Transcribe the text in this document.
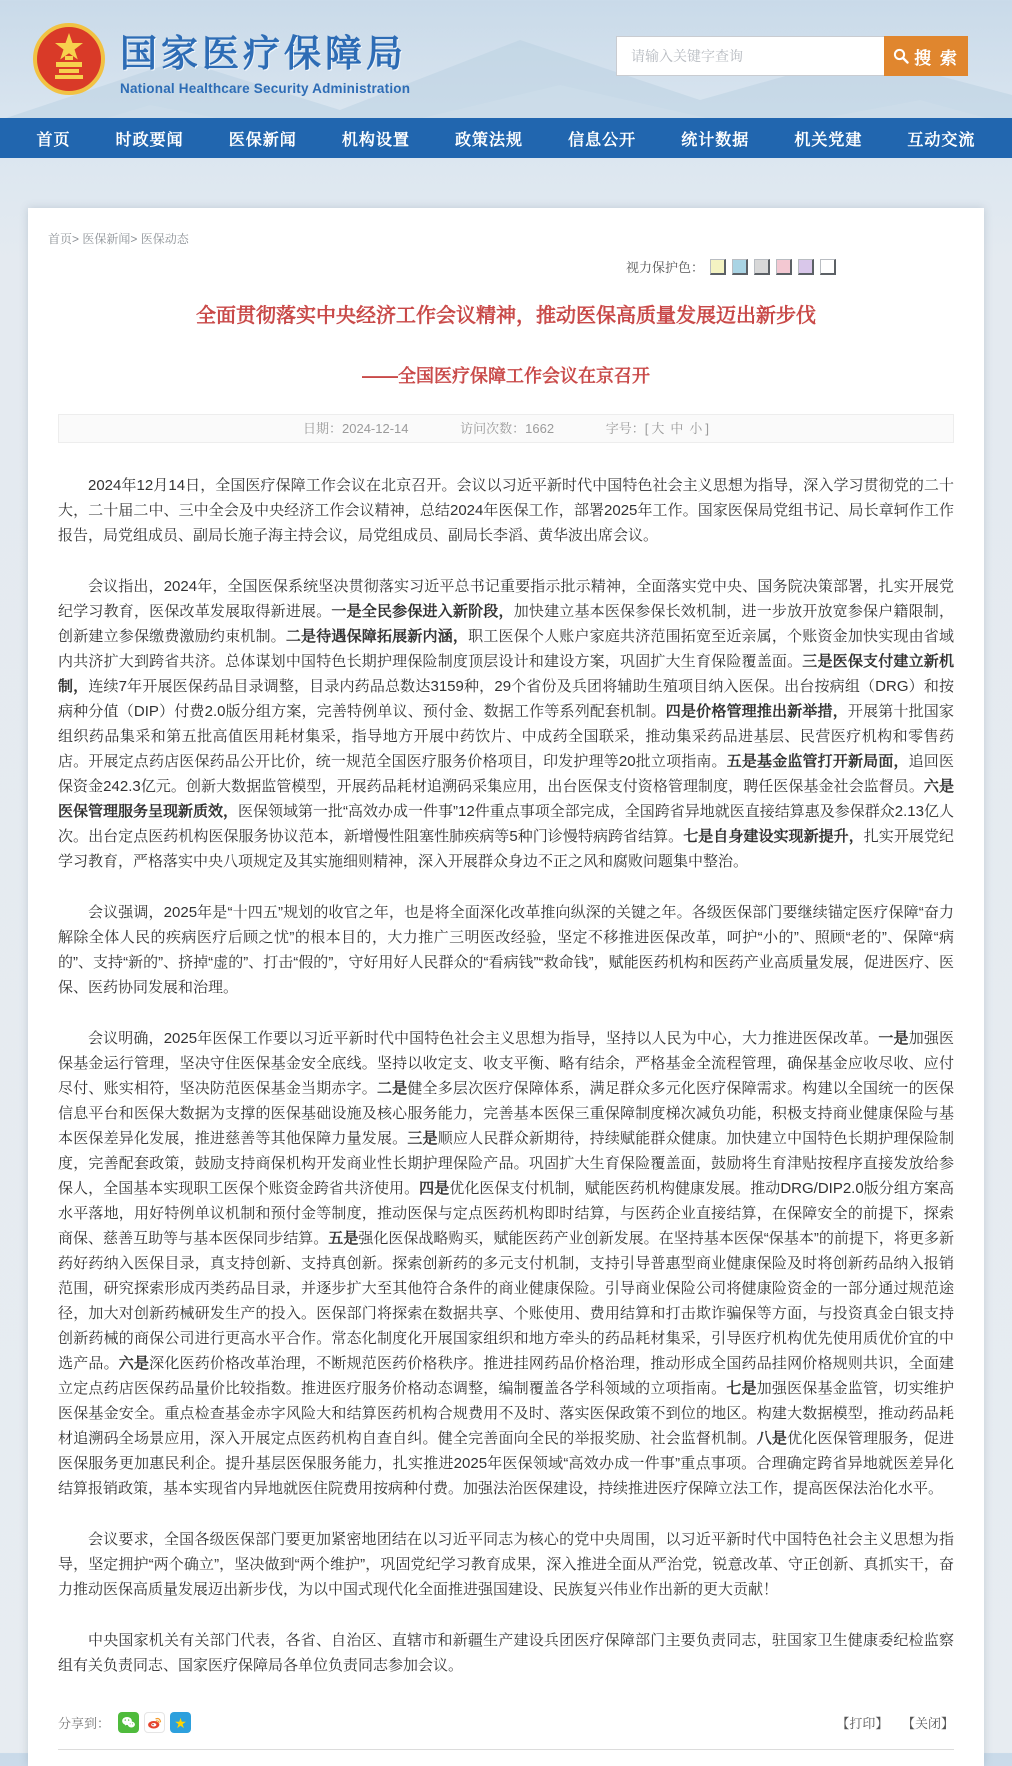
国家医疗保障局
National Healthcare Security Administration
请输入关键字查询
搜 索
首页	时政要闻	医保新闻	机构设置	政策法规	信息公开	统计数据	机关党建	互动交流
首页> 医保新闻> 医保动态
视力保护色：
全面贯彻落实中央经济工作会议精神，推动医保高质量发展迈出新步伐
——全国医疗保障工作会议在京召开
日期：2024-12-14	访问次数：1662	字号：[ 大 中 小 ]

2024年12月14日，全国医疗保障工作会议在北京召开。会议以习近平新时代中国特色社会主义思想为指导，深入学习贯彻党的二十大，二十届二中、三中全会及中央经济工作会议精神，总结2024年医保工作，部署2025年工作。国家医保局党组书记、局长章轲作工作报告，局党组成员、副局长施子海主持会议，局党组成员、副局长李滔、黄华波出席会议。

会议指出，2024年，全国医保系统坚决贯彻落实习近平总书记重要指示批示精神，全面落实党中央、国务院决策部署，扎实开展党纪学习教育，医保改革发展取得新进展。一是全民参保进入新阶段，加快建立基本医保参保长效机制，进一步放开放宽参保户籍限制，创新建立参保缴费激励约束机制。二是待遇保障拓展新内涵，职工医保个人账户家庭共济范围拓宽至近亲属，个账资金加快实现由省域内共济扩大到跨省共济。总体谋划中国特色长期护理保险制度顶层设计和建设方案，巩固扩大生育保险覆盖面。三是医保支付建立新机制，连续7年开展医保药品目录调整，目录内药品总数达3159种，29个省份及兵团将辅助生殖项目纳入医保。出台按病组（DRG）和按病种分值（DIP）付费2.0版分组方案，完善特例单议、预付金、数据工作等系列配套机制。四是价格管理推出新举措，开展第十批国家组织药品集采和第五批高值医用耗材集采，指导地方开展中药饮片、中成药全国联采，推动集采药品进基层、民营医疗机构和零售药店。开展定点药店医保药品公开比价，统一规范全国医疗服务价格项目，印发护理等20批立项指南。五是基金监管打开新局面，追回医保资金242.3亿元。创新大数据监管模型，开展药品耗材追溯码采集应用，出台医保支付资格管理制度，聘任医保基金社会监督员。六是医保管理服务呈现新质效，医保领域第一批“高效办成一件事”12件重点事项全部完成，全国跨省异地就医直接结算惠及参保群众2.13亿人次。出台定点医药机构医保服务协议范本，新增慢性阻塞性肺疾病等5种门诊慢特病跨省结算。七是自身建设实现新提升，扎实开展党纪学习教育，严格落实中央八项规定及其实施细则精神，深入开展群众身边不正之风和腐败问题集中整治。

会议强调，2025年是“十四五”规划的收官之年，也是将全面深化改革推向纵深的关键之年。各级医保部门要继续锚定医疗保障“奋力解除全体人民的疾病医疗后顾之忧”的根本目的，大力推广三明医改经验，坚定不移推进医保改革，呵护“小的”、照顾“老的”、保障“病的”、支持“新的”、挤掉“虚的”、打击“假的”，守好用好人民群众的“看病钱”“救命钱”，赋能医药机构和医药产业高质量发展，促进医疗、医保、医药协同发展和治理。

会议明确，2025年医保工作要以习近平新时代中国特色社会主义思想为指导，坚持以人民为中心，大力推进医保改革。一是加强医保基金运行管理，坚决守住医保基金安全底线。坚持以收定支、收支平衡、略有结余，严格基金全流程管理，确保基金应收尽收、应付尽付、账实相符，坚决防范医保基金当期赤字。二是健全多层次医疗保障体系，满足群众多元化医疗保障需求。构建以全国统一的医保信息平台和医保大数据为支撑的医保基础设施及核心服务能力，完善基本医保三重保障制度梯次减负功能，积极支持商业健康保险与基本医保差异化发展，推进慈善等其他保障力量发展。三是顺应人民群众新期待，持续赋能群众健康。加快建立中国特色长期护理保险制度，完善配套政策，鼓励支持商保机构开发商业性长期护理保险产品。巩固扩大生育保险覆盖面，鼓励将生育津贴按程序直接发放给参保人，全国基本实现职工医保个账资金跨省共济使用。四是优化医保支付机制，赋能医药机构健康发展。推动DRG/DIP2.0版分组方案高水平落地，用好特例单议机制和预付金等制度，推动医保与定点医药机构即时结算，与医药企业直接结算，在保障安全的前提下，探索商保、慈善互助等与基本医保同步结算。五是强化医保战略购买，赋能医药产业创新发展。在坚持基本医保“保基本”的前提下，将更多新药好药纳入医保目录，真支持创新、支持真创新。探索创新药的多元支付机制，支持引导普惠型商业健康保险及时将创新药品纳入报销范围，研究探索形成丙类药品目录，并逐步扩大至其他符合条件的商业健康保险。引导商业保险公司将健康险资金的一部分通过规范途径，加大对创新药械研发生产的投入。医保部门将探索在数据共享、个账使用、费用结算和打击欺诈骗保等方面，与投资真金白银支持创新药械的商保公司进行更高水平合作。常态化制度化开展国家组织和地方牵头的药品耗材集采，引导医疗机构优先使用质优价宜的中选产品。六是深化医药价格改革治理，不断规范医药价格秩序。推进挂网药品价格治理，推动形成全国药品挂网价格规则共识，全面建立定点药店医保药品量价比较指数。推进医疗服务价格动态调整，编制覆盖各学科领域的立项指南。七是加强医保基金监管，切实维护医保基金安全。重点检查基金赤字风险大和结算医药机构合规费用不及时、落实医保政策不到位的地区。构建大数据模型，推动药品耗材追溯码全场景应用，深入开展定点医药机构自查自纠。健全完善面向全民的举报奖励、社会监督机制。八是优化医保管理服务，促进医保服务更加惠民利企。提升基层医保服务能力，扎实推进2025年医保领域“高效办成一件事”重点事项。合理确定跨省异地就医差异化结算报销政策，基本实现省内异地就医住院费用按病种付费。加强法治医保建设，持续推进医疗保障立法工作，提高医保法治化水平。

会议要求，全国各级医保部门要更加紧密地团结在以习近平同志为核心的党中央周围，以习近平新时代中国特色社会主义思想为指导，坚定拥护“两个确立”，坚决做到“两个维护”，巩固党纪学习教育成果，深入推进全面从严治党，锐意改革、守正创新、真抓实干，奋力推动医保高质量发展迈出新步伐，为以中国式现代化全面推进强国建设、民族复兴伟业作出新的更大贡献！

中央国家机关有关部门代表，各省、自治区、直辖市和新疆生产建设兵团医疗保障部门主要负责同志，驻国家卫生健康委纪检监察组有关负责同志、国家医疗保障局各单位负责同志参加会议。

分享到：	★	【打印】 【关闭】
